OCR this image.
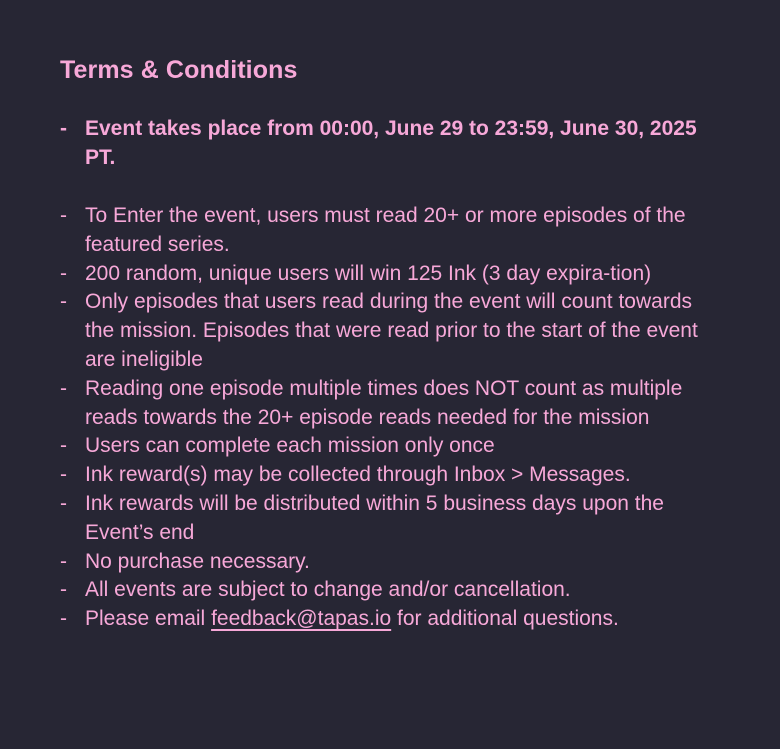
Terms & Conditions
- Event takes place from 00:00, June 29 to 23:59, June 30, 2025 PT.
- To Enter the event, users must read 20+ or more episodes of the featured series.
- 200 random, unique users will win 125 Ink (3 day expira-tion)
- Only episodes that users read during the event will count towards the mission. Episodes that were read prior to the start of the event are ineligible
- Reading one episode multiple times does NOT count as multiple reads towards the 20+ episode reads needed for the mission
- Users can complete each mission only once
- Ink reward(s) may be collected through Inbox > Messages.
- Ink rewards will be distributed within 5 business days upon the Event’s end
- No purchase necessary.
- All events are subject to change and/or cancellation.
- Please email feedback@tapas.io for additional questions.
